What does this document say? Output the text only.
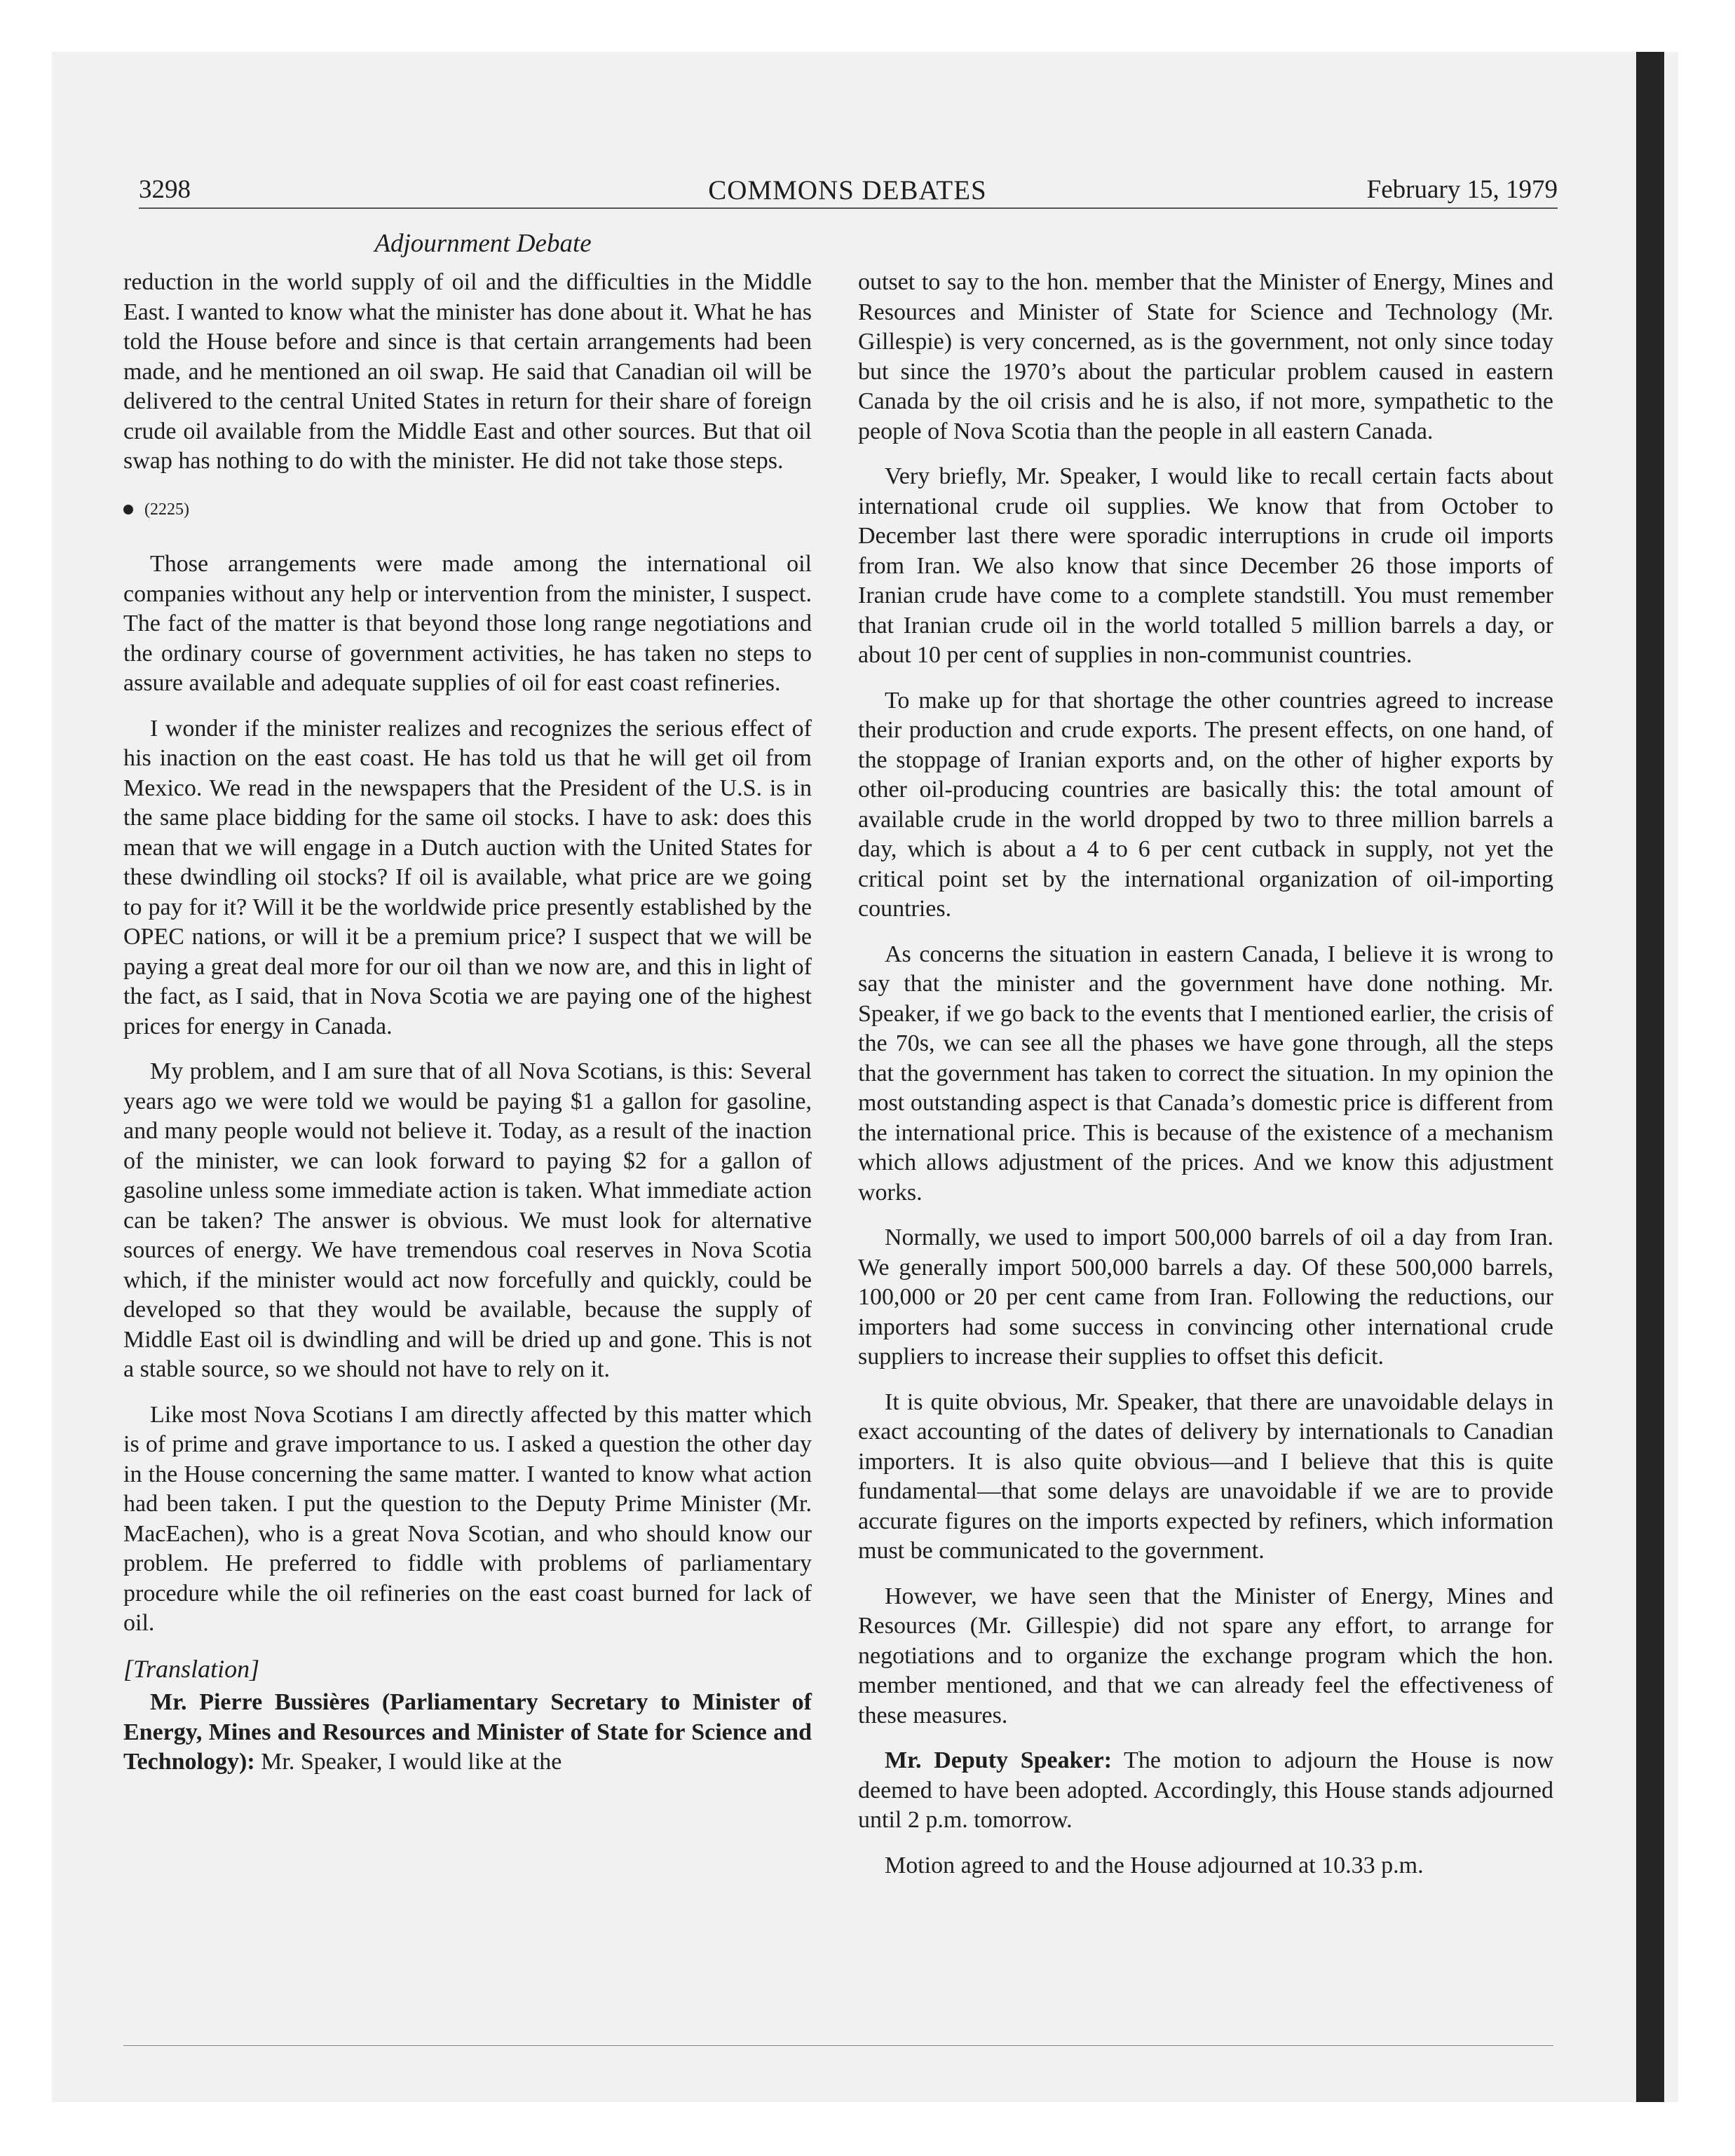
3298	COMMONS DEBATES	February 15, 1979
Adjournment Debate

reduction in the world supply of oil and the difficulties in the Middle East. I wanted to know what the minister has done about it. What he has told the House before and since is that certain arrangements had been made, and he mentioned an oil swap. He said that Canadian oil will be delivered to the central United States in return for their share of foreign crude oil available from the Middle East and other sources. But that oil swap has nothing to do with the minister. He did not take those steps.

(2225)

Those arrangements were made among the international oil companies without any help or intervention from the minister, I suspect. The fact of the matter is that beyond those long range negotiations and the ordinary course of government activities, he has taken no steps to assure available and adequate supplies of oil for east coast refineries.

I wonder if the minister realizes and recognizes the serious effect of his inaction on the east coast. He has told us that he will get oil from Mexico. We read in the newspapers that the President of the U.S. is in the same place bidding for the same oil stocks. I have to ask: does this mean that we will engage in a Dutch auction with the United States for these dwindling oil stocks? If oil is available, what price are we going to pay for it? Will it be the worldwide price presently established by the OPEC nations, or will it be a premium price? I suspect that we will be paying a great deal more for our oil than we now are, and this in light of the fact, as I said, that in Nova Scotia we are paying one of the highest prices for energy in Canada.

My problem, and I am sure that of all Nova Scotians, is this: Several years ago we were told we would be paying $1 a gallon for gasoline, and many people would not believe it. Today, as a result of the inaction of the minister, we can look forward to paying $2 for a gallon of gasoline unless some immediate action is taken. What immediate action can be taken? The answer is obvious. We must look for alternative sources of energy. We have tremendous coal reserves in Nova Scotia which, if the minister would act now forcefully and quickly, could be developed so that they would be available, because the supply of Middle East oil is dwindling and will be dried up and gone. This is not a stable source, so we should not have to rely on it.

Like most Nova Scotians I am directly affected by this matter which is of prime and grave importance to us. I asked a question the other day in the House concerning the same matter. I wanted to know what action had been taken. I put the question to the Deputy Prime Minister (Mr. MacEachen), who is a great Nova Scotian, and who should know our problem. He preferred to fiddle with problems of parliamentary procedure while the oil refineries on the east coast burned for lack of oil.

[Translation]

Mr. Pierre Bussières (Parliamentary Secretary to Minister of Energy, Mines and Resources and Minister of State for Science and Technology): Mr. Speaker, I would like at the

outset to say to the hon. member that the Minister of Energy, Mines and Resources and Minister of State for Science and Technology (Mr. Gillespie) is very concerned, as is the government, not only since today but since the 1970’s about the particular problem caused in eastern Canada by the oil crisis and he is also, if not more, sympathetic to the people of Nova Scotia than the people in all eastern Canada.

Very briefly, Mr. Speaker, I would like to recall certain facts about international crude oil supplies. We know that from October to December last there were sporadic interruptions in crude oil imports from Iran. We also know that since December 26 those imports of Iranian crude have come to a complete standstill. You must remember that Iranian crude oil in the world totalled 5 million barrels a day, or about 10 per cent of supplies in non-communist countries.

To make up for that shortage the other countries agreed to increase their production and crude exports. The present effects, on one hand, of the stoppage of Iranian exports and, on the other of higher exports by other oil-producing countries are basically this: the total amount of available crude in the world dropped by two to three million barrels a day, which is about a 4 to 6 per cent cutback in supply, not yet the critical point set by the international organization of oil-importing countries.

As concerns the situation in eastern Canada, I believe it is wrong to say that the minister and the government have done nothing. Mr. Speaker, if we go back to the events that I mentioned earlier, the crisis of the 70s, we can see all the phases we have gone through, all the steps that the government has taken to correct the situation. In my opinion the most outstanding aspect is that Canada’s domestic price is different from the international price. This is because of the existence of a mechanism which allows adjustment of the prices. And we know this adjustment works.

Normally, we used to import 500,000 barrels of oil a day from Iran. We generally import 500,000 barrels a day. Of these 500,000 barrels, 100,000 or 20 per cent came from Iran. Following the reductions, our importers had some success in convincing other international crude suppliers to increase their supplies to offset this deficit.

It is quite obvious, Mr. Speaker, that there are unavoidable delays in exact accounting of the dates of delivery by internationals to Canadian importers. It is also quite obvious—and I believe that this is quite fundamental—that some delays are unavoidable if we are to provide accurate figures on the imports expected by refiners, which information must be communicated to the government.

However, we have seen that the Minister of Energy, Mines and Resources (Mr. Gillespie) did not spare any effort, to arrange for negotiations and to organize the exchange program which the hon. member mentioned, and that we can already feel the effectiveness of these measures.

Mr. Deputy Speaker: The motion to adjourn the House is now deemed to have been adopted. Accordingly, this House stands adjourned until 2 p.m. tomorrow.

Motion agreed to and the House adjourned at 10.33 p.m.
